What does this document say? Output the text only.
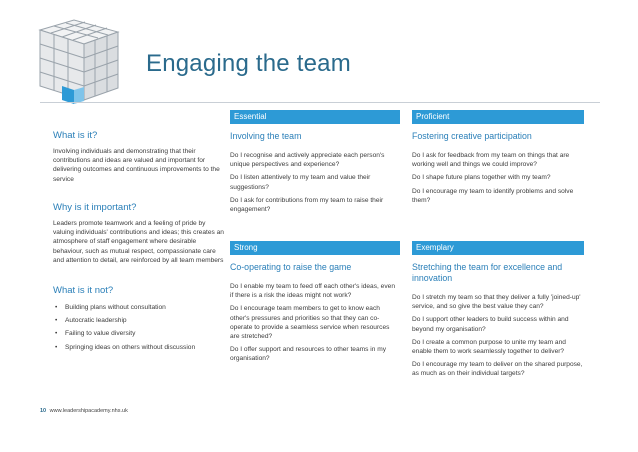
Engaging the team
What is it?
Involving individuals and demonstrating that their contributions and ideas are valued and important for delivering outcomes and continuous improvements to the service
Why is it important?
Leaders promote teamwork and a feeling of pride by valuing individuals' contributions and ideas; this creates an atmosphere of staff engagement where desirable behaviour, such as mutual respect, compassionate care and attention to detail, are reinforced by all team members
What is it not?
• Building plans without consultation
• Autocratic leadership
• Failing to value diversity
• Springing ideas on others without discussion
Essential
Involving the team

Do I recognise and actively appreciate each person's unique perspectives and experience?

Do I listen attentively to my team and value their suggestions?

Do I ask for contributions from my team to raise their engagement?

Proficient
Fostering creative participation

Do I ask for feedback from my team on things that are working well and things we could improve?

Do I shape future plans together with my team?

Do I encourage my team to identify problems and solve them?

Strong
Co-operating to raise the game

Do I enable my team to feed off each other's ideas, even if there is a risk the ideas might not work?

Do I encourage team members to get to know each other's pressures and priorities so that they can co-operate to provide a seamless service when resources are stretched?

Do I offer support and resources to other teams in my organisation?

Exemplary
Stretching the team for excellence and innovation

Do I stretch my team so that they deliver a fully 'joined-up' service, and so give the best value they can?

Do I support other leaders to build success within and beyond my organisation?

Do I create a common purpose to unite my team and enable them to work seamlessly together to deliver?

Do I encourage my team to deliver on the shared purpose, as much as on their individual targets?

10 www.leadershipacademy.nhs.uk
